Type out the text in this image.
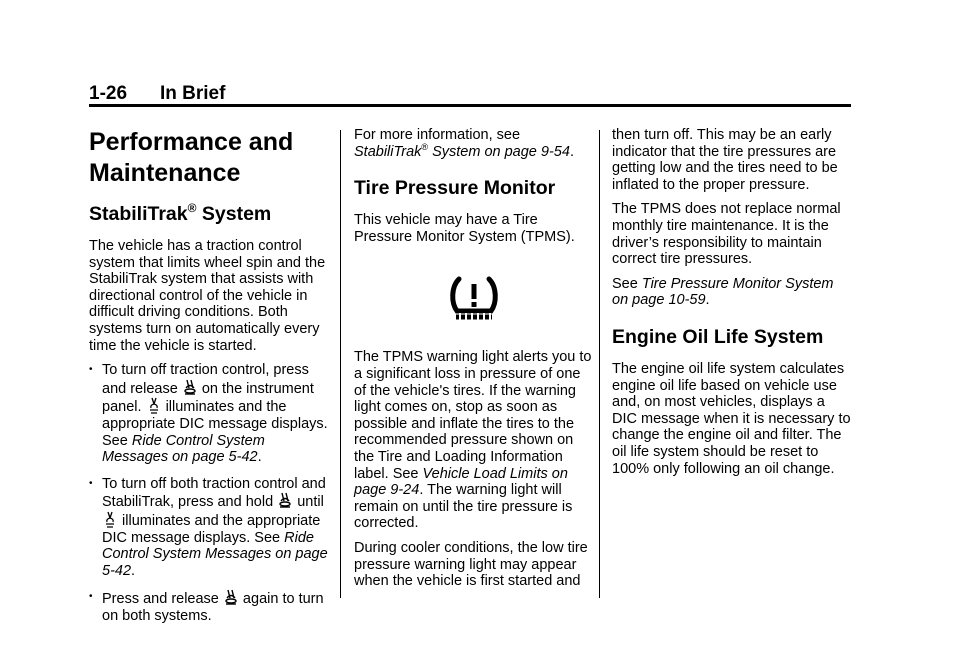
1-26 In Brief
Performance and Maintenance
StabiliTrak® System

The vehicle has a traction control system that limits wheel spin and the StabiliTrak system that assists with directional control of the vehicle in difficult driving conditions. Both systems turn on automatically every time the vehicle is started.

• To turn off traction control, press and release  on the instrument panel.  illuminates and the appropriate DIC message displays. See Ride Control System Messages on page 5-42.
• To turn off both traction control and StabiliTrak, press and hold  until  illuminates and the appropriate DIC message displays. See Ride Control System Messages on page 5-42.
• Press and release  again to turn on both systems.

For more information, see StabiliTrak® System on page 9-54.

Tire Pressure Monitor

This vehicle may have a Tire Pressure Monitor System (TPMS).

The TPMS warning light alerts you to a significant loss in pressure of one of the vehicle's tires. If the warning light comes on, stop as soon as possible and inflate the tires to the recommended pressure shown on the Tire and Loading Information label. See Vehicle Load Limits on page 9-24. The warning light will remain on until the tire pressure is corrected.

During cooler conditions, the low tire pressure warning light may appear when the vehicle is first started and

then turn off. This may be an early indicator that the tire pressures are getting low and the tires need to be inflated to the proper pressure.

The TPMS does not replace normal monthly tire maintenance. It is the driver’s responsibility to maintain correct tire pressures.

See Tire Pressure Monitor System on page 10-59.

Engine Oil Life System

The engine oil life system calculates engine oil life based on vehicle use and, on most vehicles, displays a DIC message when it is necessary to change the engine oil and filter. The oil life system should be reset to 100% only following an oil change.
